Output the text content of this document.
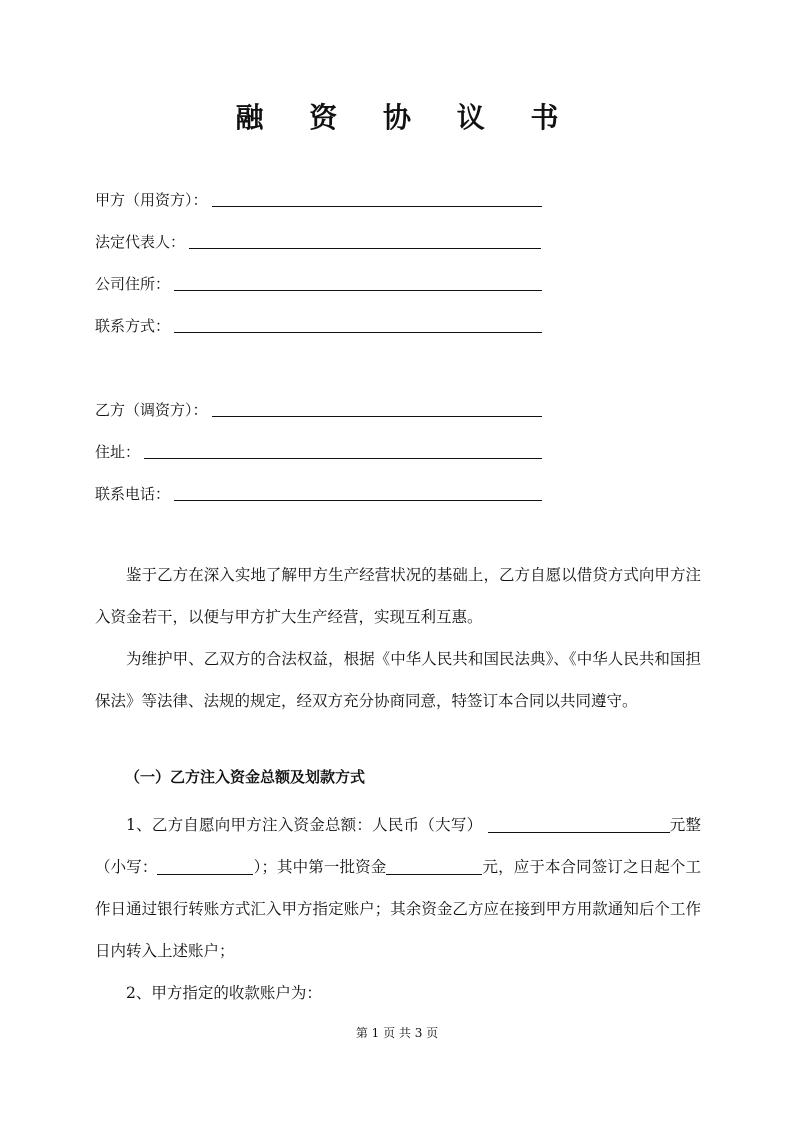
融 资 协 议 书
甲方（用资方）：
法定代表人：
公司住所：
联系方式：
乙方（调资方）：
住址：
联系电话：
鉴于乙方在深入实地了解甲方生产经营状况的基础上，乙方自愿以借贷方式向甲方注入资金若干，以便与甲方扩大生产经营，实现互利互惠。
为维护甲、乙双方的合法权益，根据《中华人民共和国民法典》、《中华人民共和国担保法》等法律、法规的规定，经双方充分协商同意，特签订本合同以共同遵守。
（一）乙方注入资金总额及划款方式
1、乙方自愿向甲方注入资金总额：人民币（大写）	元整（小写：	）；其中第一批资金	元，应于本合同签订之日起个工作日通过银行转账方式汇入甲方指定账户；其余资金乙方应在接到甲方用款通知后个工作日内转入上述账户；
2、甲方指定的收款账户为：
第 1 页 共 3 页
